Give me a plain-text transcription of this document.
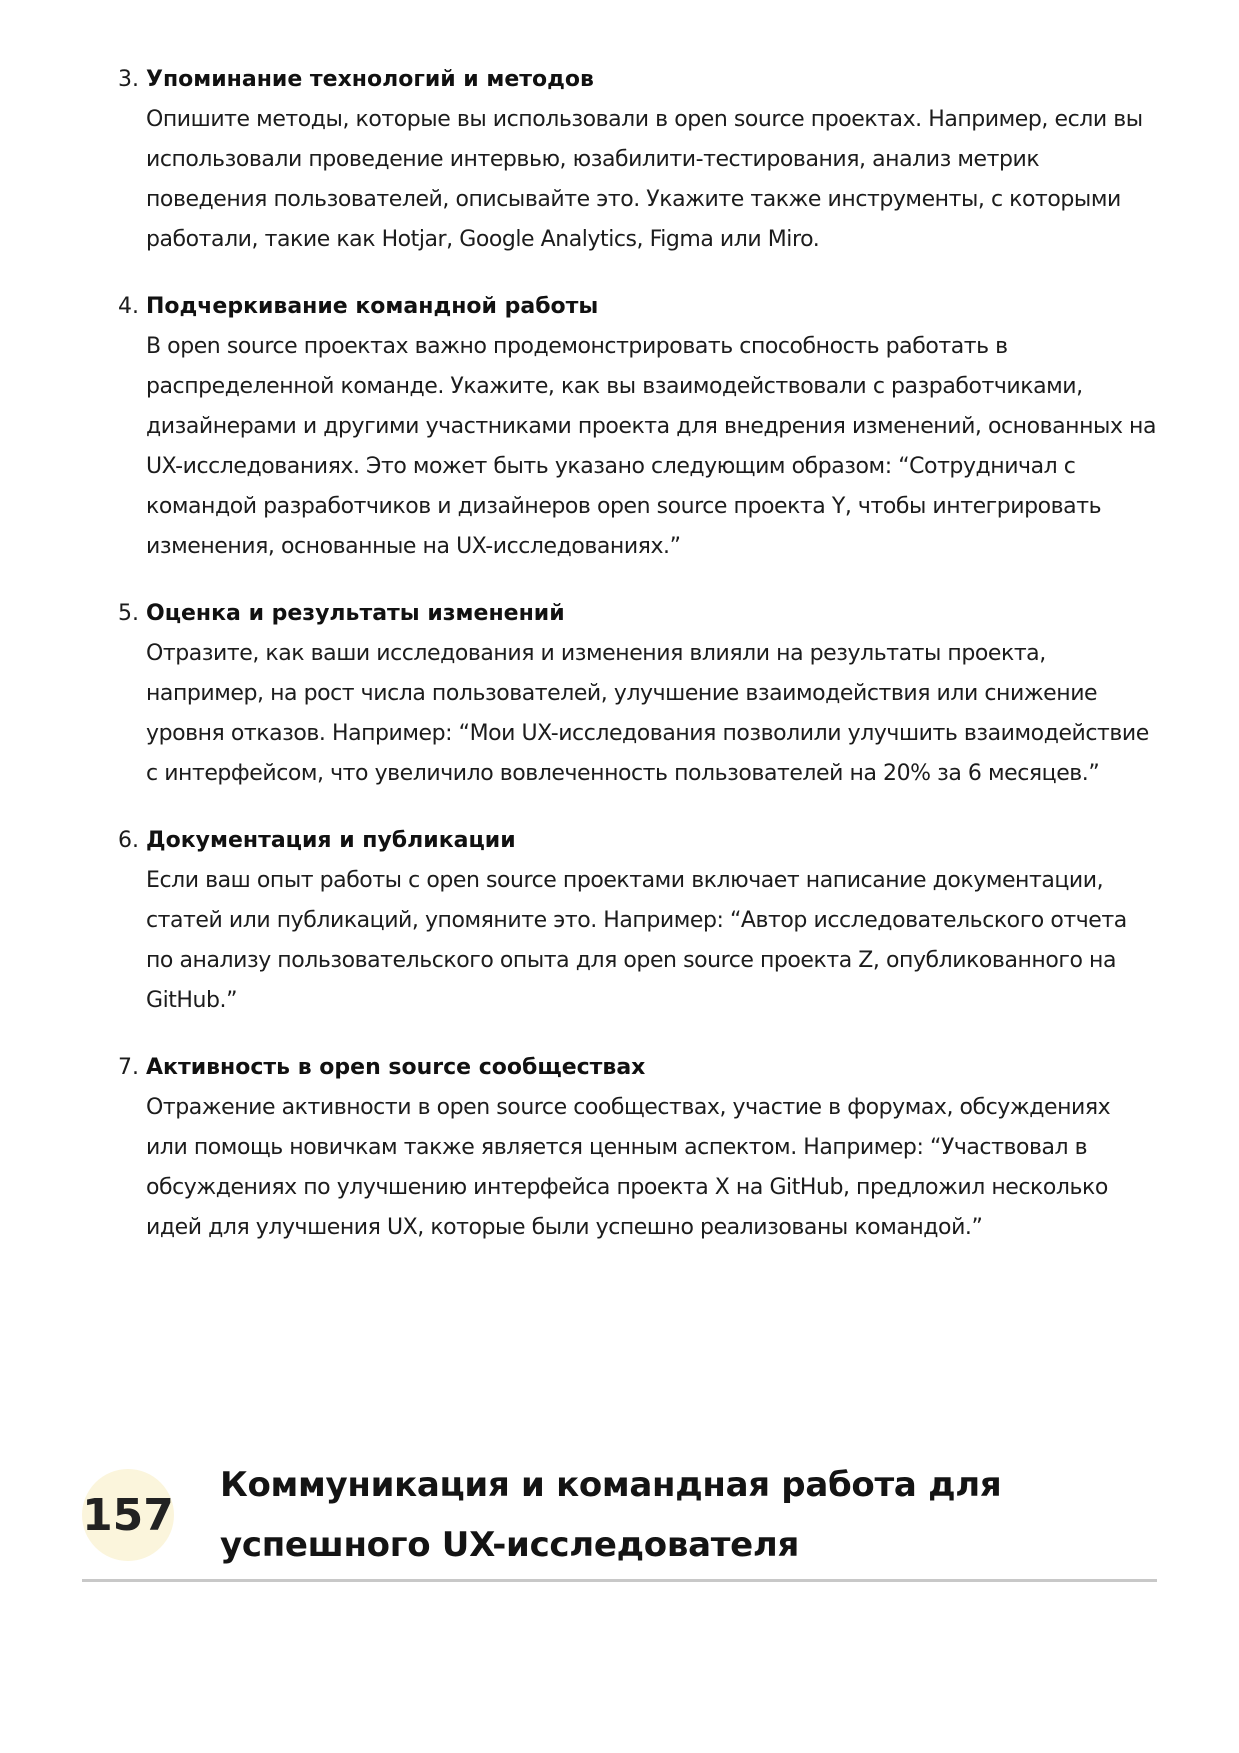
3. Упоминание технологий и методов

Опишите методы, которые вы использовали в open source проектах. Например, если вы использовали проведение интервью, юзабилити-тестирования, анализ метрик поведения пользователей, описывайте это. Укажите также инструменты, с которыми работали, такие как Hotjar, Google Analytics, Figma или Miro.

4. Подчеркивание командной работы

В open source проектах важно продемонстрировать способность работать в распределенной команде. Укажите, как вы взаимодействовали с разработчиками, дизайнерами и другими участниками проекта для внедрения изменений, основанных на UX-исследованиях. Это может быть указано следующим образом: “Сотрудничал с командой разработчиков и дизайнеров open source проекта Y, чтобы интегрировать изменения, основанные на UX-исследованиях.”

5. Оценка и результаты изменений

Отразите, как ваши исследования и изменения влияли на результаты проекта, например, на рост числа пользователей, улучшение взаимодействия или снижение уровня отказов. Например: “Мои UX-исследования позволили улучшить взаимодействие с интерфейсом, что увеличило вовлеченность пользователей на 20% за 6 месяцев.”

6. Документация и публикации

Если ваш опыт работы с open source проектами включает написание документации, статей или публикаций, упомяните это. Например: “Автор исследовательского отчета по анализу пользовательского опыта для open source проекта Z, опубликованного на GitHub.”

7. Активность в open source сообществах

Отражение активности в open source сообществах, участие в форумах, обсуждениях или помощь новичкам также является ценным аспектом. Например: “Участвовал в обсуждениях по улучшению интерфейса проекта X на GitHub, предложил несколько идей для улучшения UX, которые были успешно реализованы командой.”

157
Коммуникация и командная работа для успешного UX-исследователя
